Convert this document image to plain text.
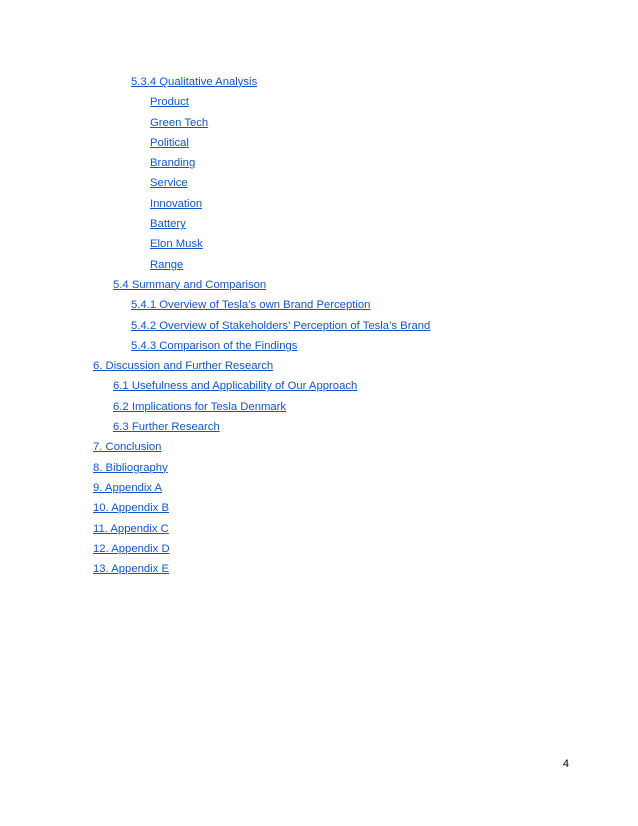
5.3.4 Qualitative Analysis
Product
Green Tech
Political
Branding
Service
Innovation
Battery
Elon Musk
Range
5.4 Summary and Comparison
5.4.1 Overview of Tesla’s own Brand Perception
5.4.2 Overview of Stakeholders’ Perception of Tesla’s Brand
5.4.3 Comparison of the Findings
6. Discussion and Further Research
6.1 Usefulness and Applicability of Our Approach
6.2 Implications for Tesla Denmark
6.3 Further Research
7. Conclusion
8. Bibliography
9. Appendix A
10. Appendix B
11. Appendix C
12. Appendix D
13. Appendix E
4
